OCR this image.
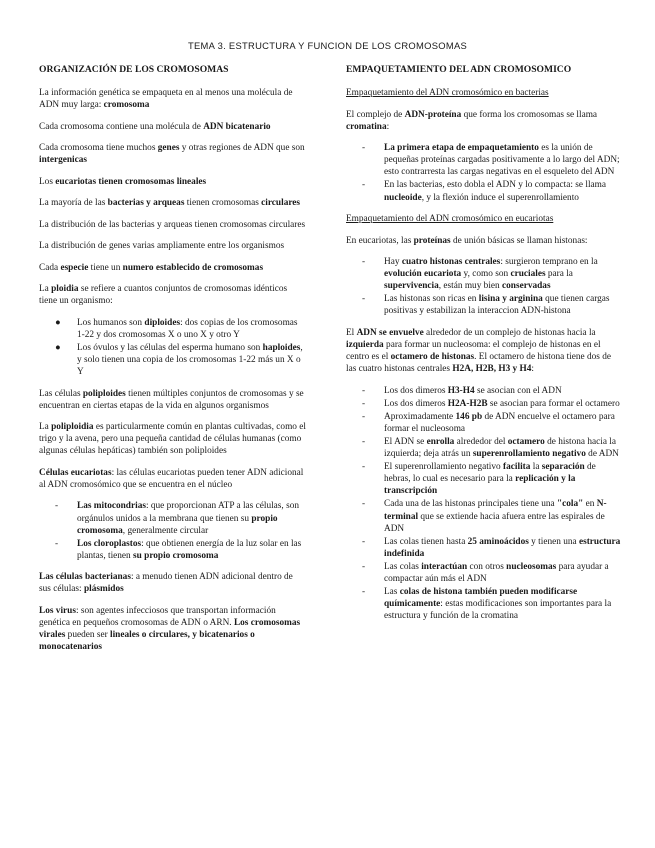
TEMA 3. ESTRUCTURA Y FUNCION DE LOS CROMOSOMAS

ORGANIZACIÓN DE LOS CROMOSOMAS

La información genética se empaqueta en al menos una molécula de ADN muy larga: cromosoma

Cada cromosoma contiene una molécula de ADN bicatenario

Cada cromosoma tiene muchos genes y otras regiones de ADN que son intergenicas

Los eucariotas tienen cromosomas lineales

La mayoría de las bacterias y arqueas tienen cromosomas circulares

La distribución de las bacterias y arqueas tienen cromosomas circulares

La distribución de genes varias ampliamente entre los organismos

Cada especie tiene un numero establecido de cromosomas

La ploidia se refiere a cuantos conjuntos de cromosomas idénticos tiene un organismo:

● Los humanos son diploides: dos copias de los cromosomas 1-22 y dos cromosomas X o uno X y otro Y
● Los óvulos y las células del esperma humano son haploides, y solo tienen una copia de los cromosomas 1-22 más un X o Y

Las células poliploides tienen múltiples conjuntos de cromosomas y se encuentran en ciertas etapas de la vida en algunos organismos

La poliploidia es particularmente común en plantas cultivadas, como el trigo y la avena, pero una pequeña cantidad de células humanas (como algunas células hepáticas) también son poliploides

Células eucariotas: las células eucariotas pueden tener ADN adicional al ADN cromosómico que se encuentra en el núcleo

- Las mitocondrias: que proporcionan ATP a las células, son orgánulos unidos a la membrana que tienen su propio cromosoma, generalmente circular
- Los cloroplastos: que obtienen energía de la luz solar en las plantas, tienen su propio cromosoma

Las células bacterianas: a menudo tienen ADN adicional dentro de sus células: plásmidos

Los virus: son agentes infecciosos que transportan información genética en pequeños cromosomas de ADN o ARN. Los cromosomas virales pueden ser lineales o circulares, y bicatenarios o monocatenarios

EMPAQUETAMIENTO DEL ADN CROMOSOMICO

Empaquetamiento del ADN cromosómico en bacterias

El complejo de ADN-proteína que forma los cromosomas se llama cromatina:

- La primera etapa de empaquetamiento es la unión de pequeñas proteínas cargadas positivamente a lo largo del ADN; esto contrarresta las cargas negativas en el esqueleto del ADN
- En las bacterias, esto dobla el ADN y lo compacta: se llama nucleoide, y la flexión induce el superenrollamiento

Empaquetamiento del ADN cromosómico en eucariotas

En eucariotas, las proteínas de unión básicas se llaman histonas:

- Hay cuatro histonas centrales: surgieron temprano en la evolución eucariota y, como son cruciales para la supervivencia, están muy bien conservadas
- Las histonas son ricas en lisina y arginina que tienen cargas positivas y estabilizan la interaccion ADN-histona

El ADN se envuelve alrededor de un complejo de histonas hacia la izquierda para formar un nucleosoma: el complejo de histonas en el centro es el octamero de histonas. El octamero de histona tiene dos de las cuatro histonas centrales H2A, H2B, H3 y H4:

- Los dos dimeros H3-H4 se asocian con el ADN
- Los dos dimeros H2A-H2B se asocian para formar el octamero
- Aproximadamente 146 pb de ADN encuelve el octamero para formar el nucleosoma
- El ADN se enrolla alrededor del octamero de histona hacia la izquierda; deja atrás un superenrollamiento negativo de ADN
- El superenrollamiento negativo facilita la separación de hebras, lo cual es necesario para la replicación y la transcripción
- Cada una de las histonas principales tiene una "cola" en N-terminal que se extiende hacia afuera entre las espirales de ADN
- Las colas tienen hasta 25 aminoácidos y tienen una estructura indefinida
- Las colas interactúan con otros nucleosomas para ayudar a compactar aún más el ADN
- Las colas de histona también pueden modificarse químicamente: estas modificaciones son importantes para la estructura y función de la cromatina
